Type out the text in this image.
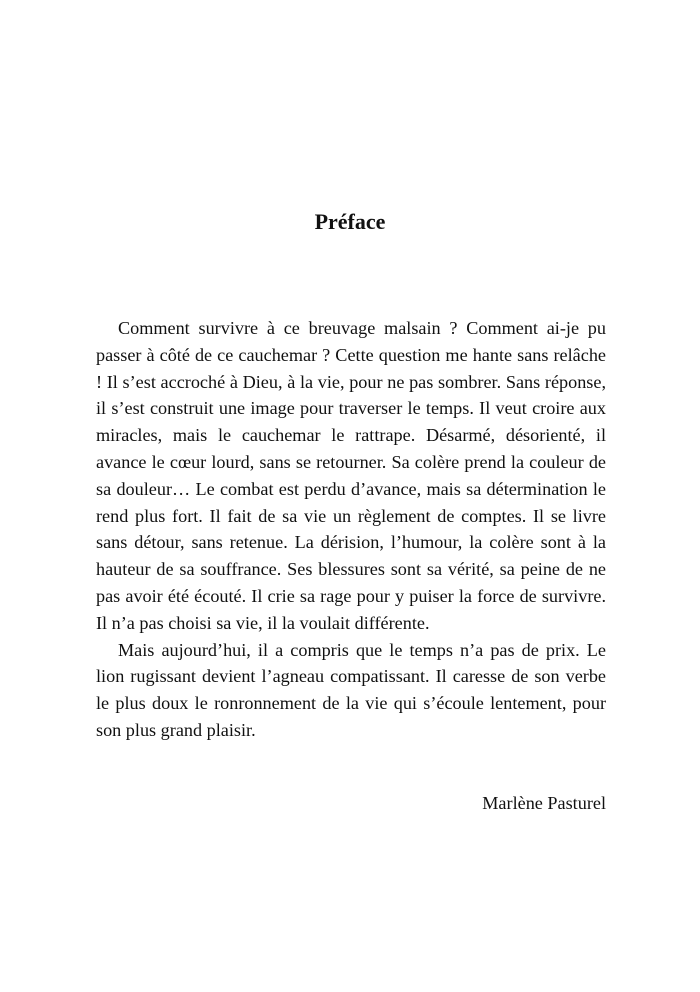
Préface

Comment survivre à ce breuvage malsain ? Comment ai-je pu passer à côté de ce cauchemar ? Cette question me hante sans relâche ! Il s’est accroché à Dieu, à la vie, pour ne pas sombrer. Sans réponse, il s’est construit une image pour traverser le temps. Il veut croire aux miracles, mais le cauchemar le rattrape. Désarmé, désorienté, il avance le cœur lourd, sans se retourner. Sa colère prend la couleur de sa douleur… Le combat est perdu d’avance, mais sa détermination le rend plus fort. Il fait de sa vie un règlement de comptes. Il se livre sans détour, sans retenue. La dérision, l’humour, la colère sont à la hauteur de sa souffrance. Ses blessures sont sa vérité, sa peine de ne pas avoir été écouté. Il crie sa rage pour y puiser la force de survivre. Il n’a pas choisi sa vie, il la voulait différente.

Mais aujourd’hui, il a compris que le temps n’a pas de prix. Le lion rugissant devient l’agneau compatissant. Il caresse de son verbe le plus doux le ronronnement de la vie qui s’écoule lentement, pour son plus grand plaisir.

Marlène Pasturel
